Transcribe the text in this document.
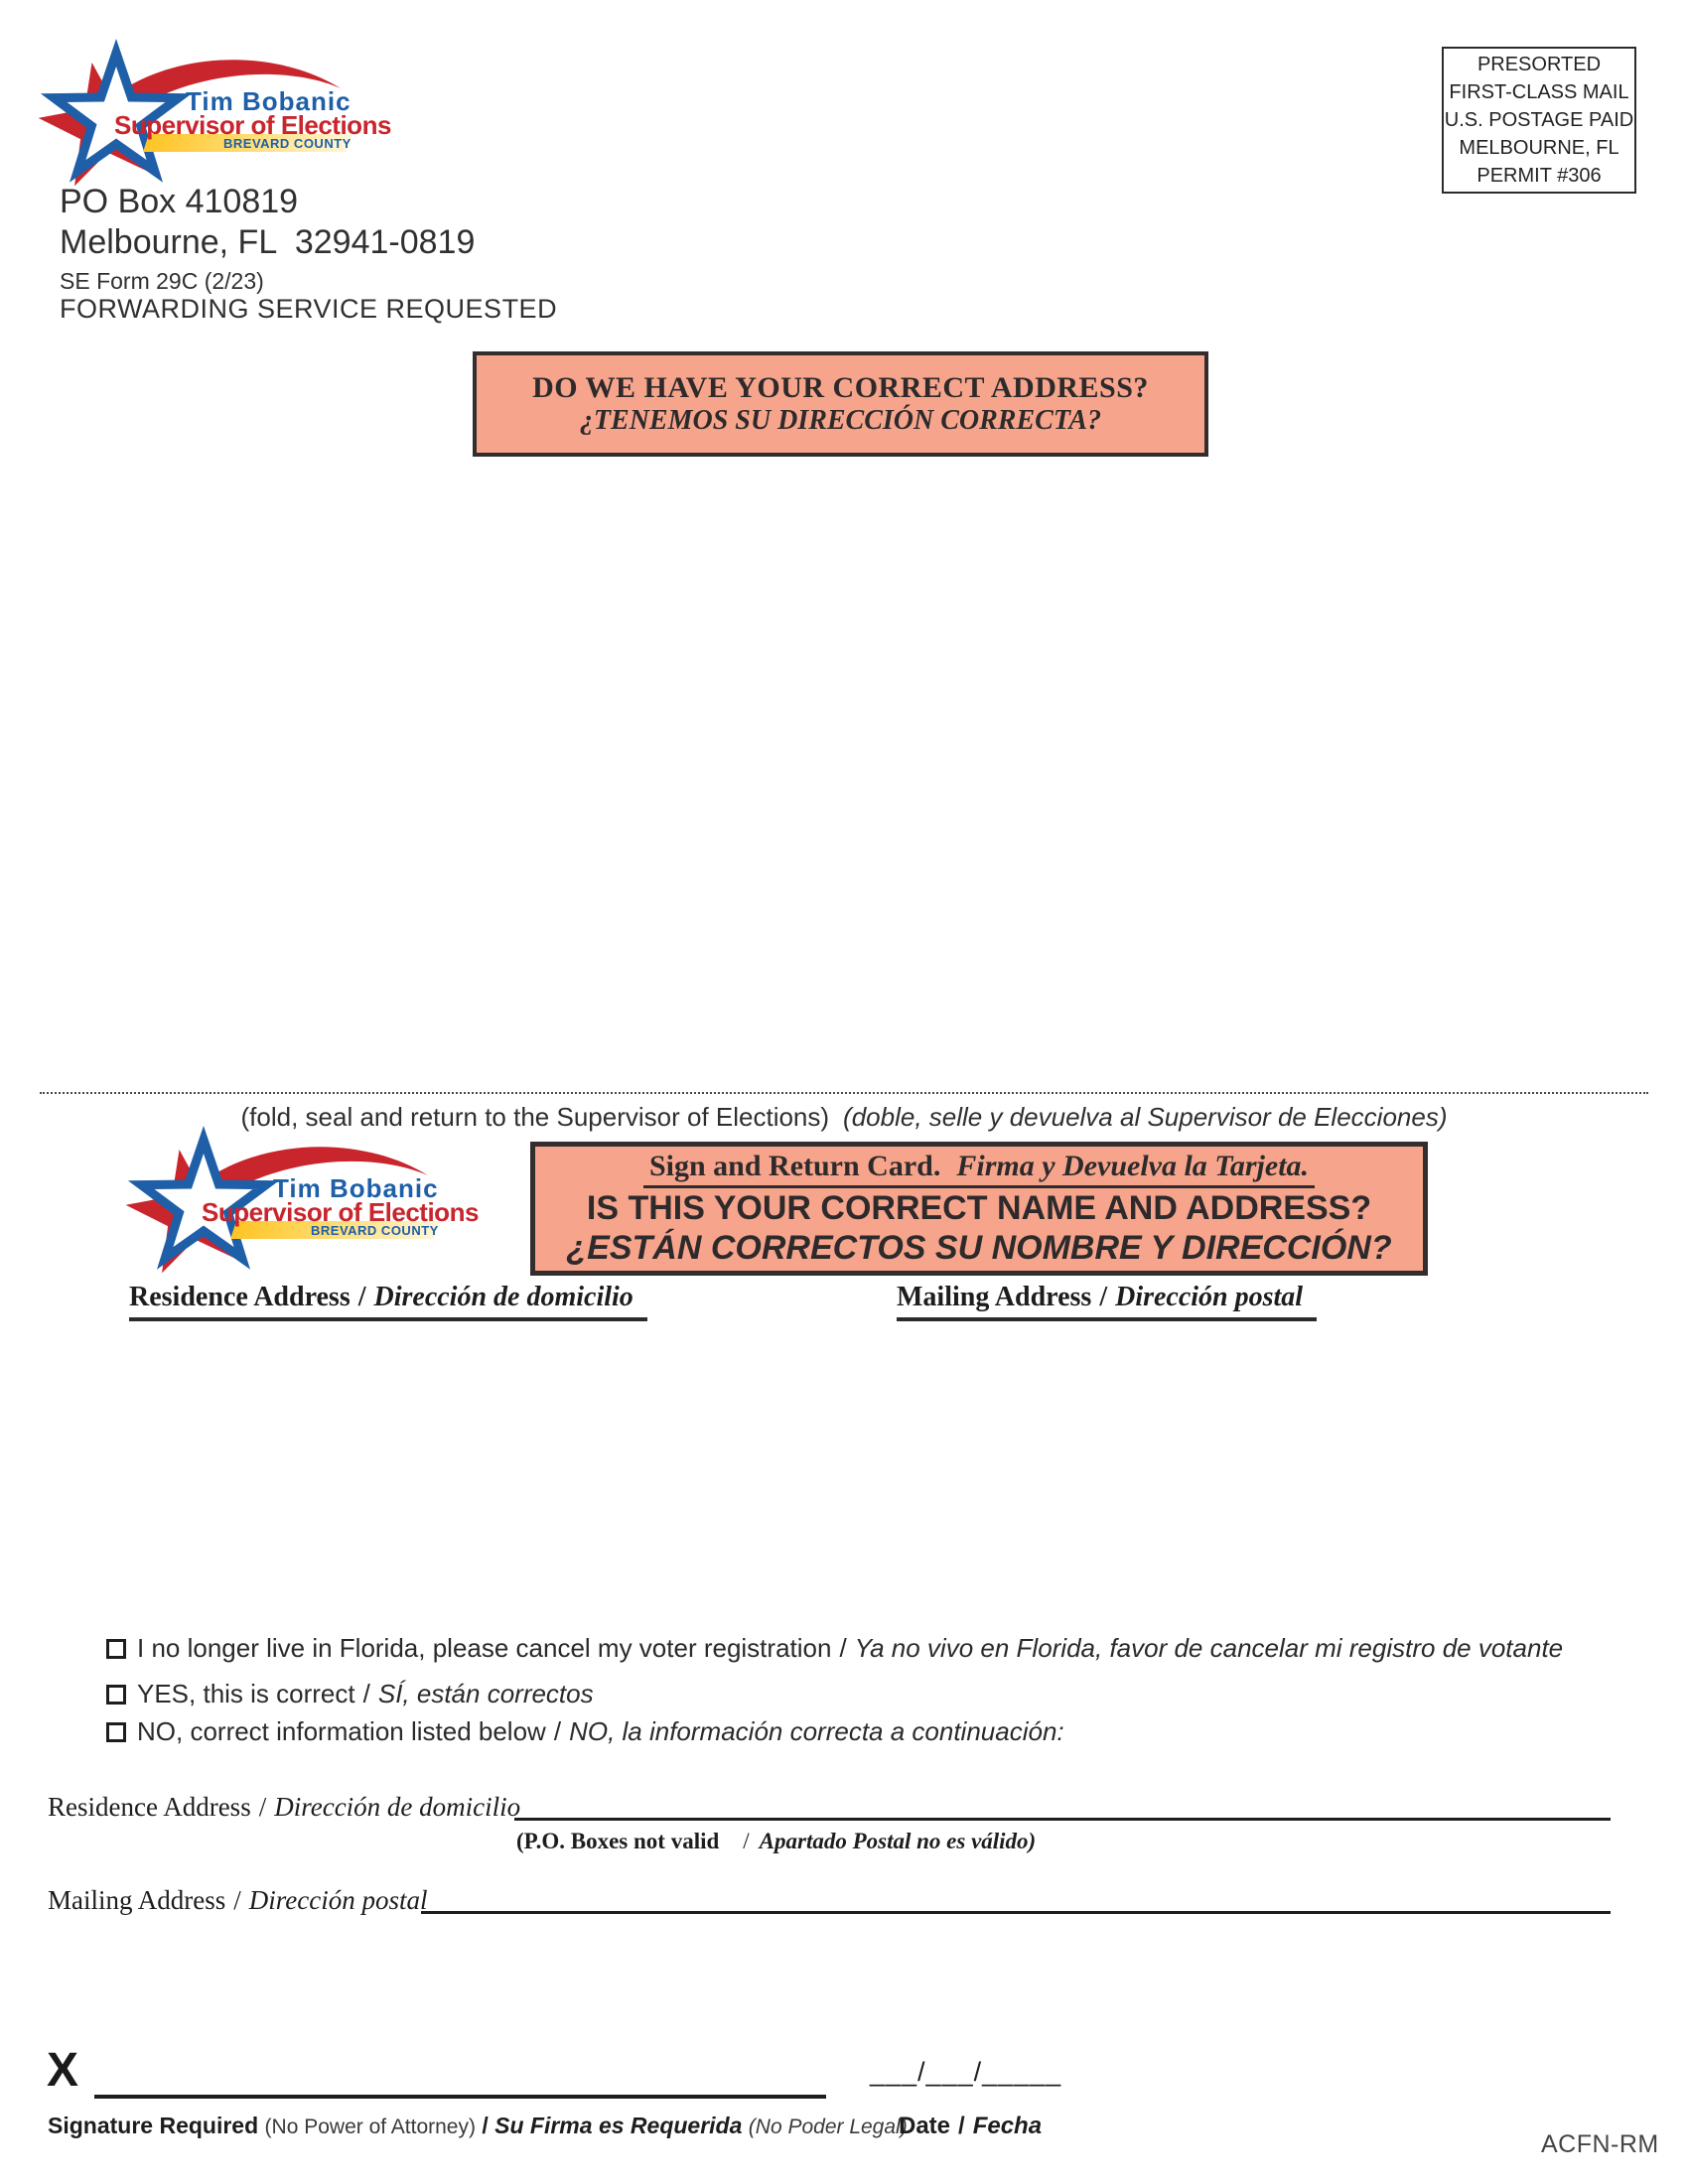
Tim Bobanic
Supervisor of Elections
BREVARD COUNTY
PRESORTED
FIRST-CLASS MAIL
U.S. POSTAGE PAID
MELBOURNE, FL
PERMIT #306
PO Box 410819
Melbourne, FL  32941-0819
SE Form 29C (2/23)
FORWARDING SERVICE REQUESTED
DO WE HAVE YOUR CORRECT ADDRESS?
¿TENEMOS SU DIRECCIÓN CORRECTA?
(fold, seal and return to the Supervisor of Elections) (doble, selle y devuelva al Supervisor de Elecciones)
Tim Bobanic
Supervisor of Elections
BREVARD COUNTY
Sign and Return Card. Firma y Devuelva la Tarjeta.
IS THIS YOUR CORRECT NAME AND ADDRESS?
¿ESTÁN CORRECTOS SU NOMBRE Y DIRECCIÓN?
Residence Address / Dirección de domicilio	Mailing Address / Dirección postal
I no longer live in Florida, please cancel my voter registration / Ya no vivo en Florida, favor de cancelar mi registro de votante
YES, this is correct / SÍ, están correctos
NO, correct information listed below / NO, la información correcta a continuación:
Residence Address / Dirección de domicilio
(P.O. Boxes not valid / Apartado Postal no es válido)
Mailing Address / Dirección postal
X	___/___/_____
Signature Required (No Power of Attorney) / Su Firma es Requerida (No Poder Legal)
Date / Fecha
ACFN-RM
